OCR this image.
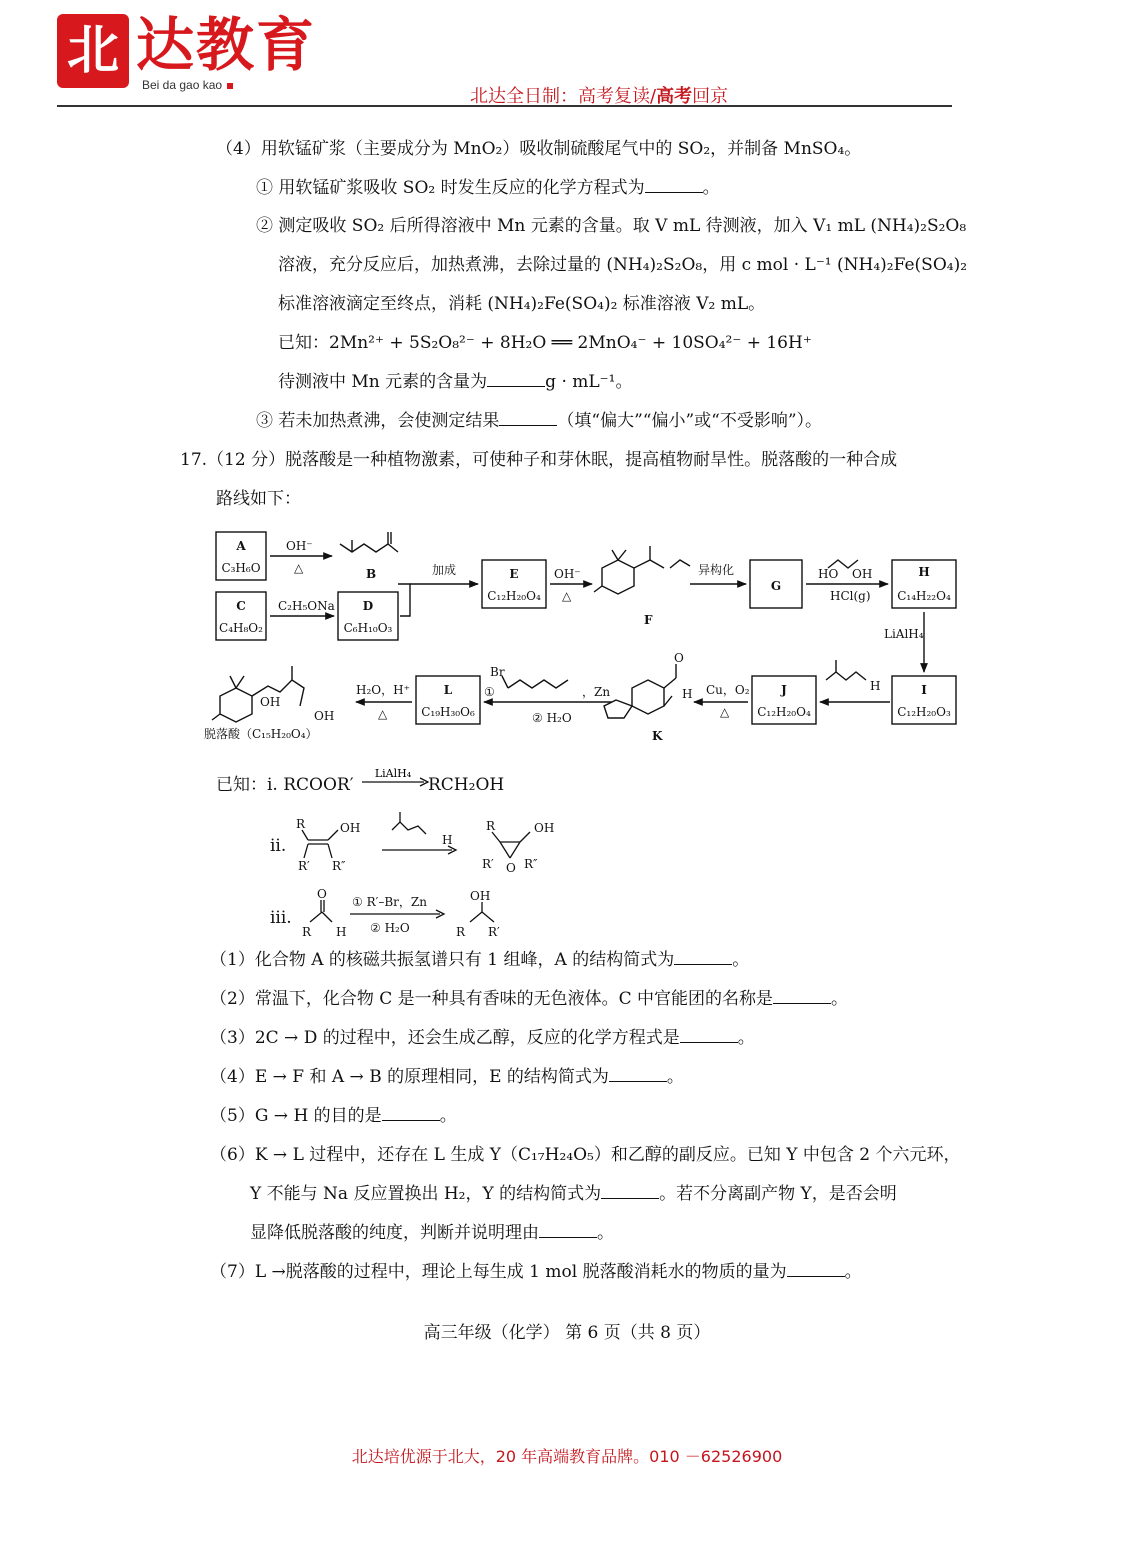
北 达教育
Bei da gao kao
北达全日制：高考复读/高考回京
（4）用软锰矿浆（主要成分为 MnO₂）吸收制硫酸尾气中的 SO₂，并制备 MnSO₄。
① 用软锰矿浆吸收 SO₂ 时发生反应的化学方程式为	。
② 测定吸收 SO₂ 后所得溶液中 Mn 元素的含量。取 V mL 待测液，加入 V₁ mL (NH₄)₂S₂O₈
溶液，充分反应后，加热煮沸，去除过量的 (NH₄)₂S₂O₈，用 c mol · L⁻¹ (NH₄)₂Fe(SO₄)₂
标准溶液滴定至终点，消耗 (NH₄)₂Fe(SO₄)₂ 标准溶液 V₂ mL。
已知：2Mn²⁺ + 5S₂O₈²⁻ + 8H₂O ══ 2MnO₄⁻ + 10SO₄²⁻ + 16H⁺
待测液中 Mn 元素的含量为	g · mL⁻¹。
③ 若未加热煮沸，会使测定结果	（填“偏大”“偏小”或“不受影响”）。
17.（12 分）脱落酸是一种植物激素，可使种子和芽休眠，提高植物耐旱性。脱落酸的一种合成
路线如下：
A
C₃H₆O
C
C₄H₈O₂
D
C₆H₁₀O₃
E
C₁₂H₂₀O₄
G
H
C₁₄H₂₂O₄
I
C₁₂H₂₀O₃
J
C₁₂H₂₀O₄
L
C₁₉H₃₀O₆
B
F
K
OH⁻
△
C₂H₅ONa
加成	OH⁻
△
异构化	HO OH
HCl(g)
LiAlH₄
H
Cu，O₂
△
H
O
Br
①	，Zn
② H₂O
H₂O，H⁺
△
OH
OH
脱落酸（C₁₅H₂₀O₄）
已知：i. RCOOR′
LiAlH₄
RCH₂OH
ii.
R	OH
R′ R″
H
R	OH
R′ O R″
iii.
R
O
H
① R′–Br，Zn
② H₂O
OH
R R′
（1）化合物 A 的核磁共振氢谱只有 1 组峰，A 的结构简式为	。
（2）常温下，化合物 C 是一种具有香味的无色液体。C 中官能团的名称是	。
（3）2C → D 的过程中，还会生成乙醇，反应的化学方程式是	。
（4）E → F 和 A → B 的原理相同，E 的结构简式为	。
（5）G → H 的目的是	。
（6）K → L 过程中，还存在 L 生成 Y（C₁₇H₂₄O₅）和乙醇的副反应。已知 Y 中包含 2 个六元环，
Y 不能与 Na 反应置换出 H₂，Y 的结构简式为	。若不分离副产物 Y，是否会明
显降低脱落酸的纯度，判断并说明理由	。
（7）L →脱落酸的过程中，理论上每生成 1 mol 脱落酸消耗水的物质的量为	。
高三年级（化学） 第 6 页（共 8 页）
北达培优源于北大，20 年高端教育品牌。010 －62526900
